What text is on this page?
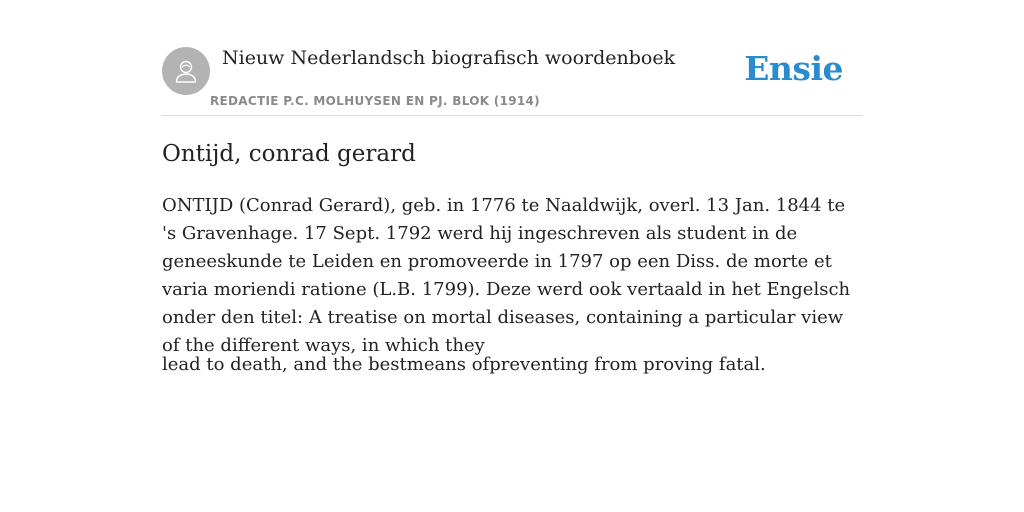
Nieuw Nederlandsch biografisch woordenboek
REDACTIE P.C. MOLHUYSEN EN PJ. BLOK (1914)
Ensie
Ontijd, conrad gerard

ONTIJD (Conrad Gerard), geb. in 1776 te Naaldwijk, overl. 13 Jan. 1844 te 's Gravenhage. 17 Sept. 1792 werd hij ingeschreven als student in de geneeskunde te Leiden en promoveerde in 1797 op een Diss. de morte et varia moriendi ratione (L.B. 1799). Deze werd ook vertaald in het Engelsch onder den titel: A treatise on mortal diseases, containing a particular view of the different ways, in which they

lead to death, and the bestmeans ofpreventing from proving fatal.
